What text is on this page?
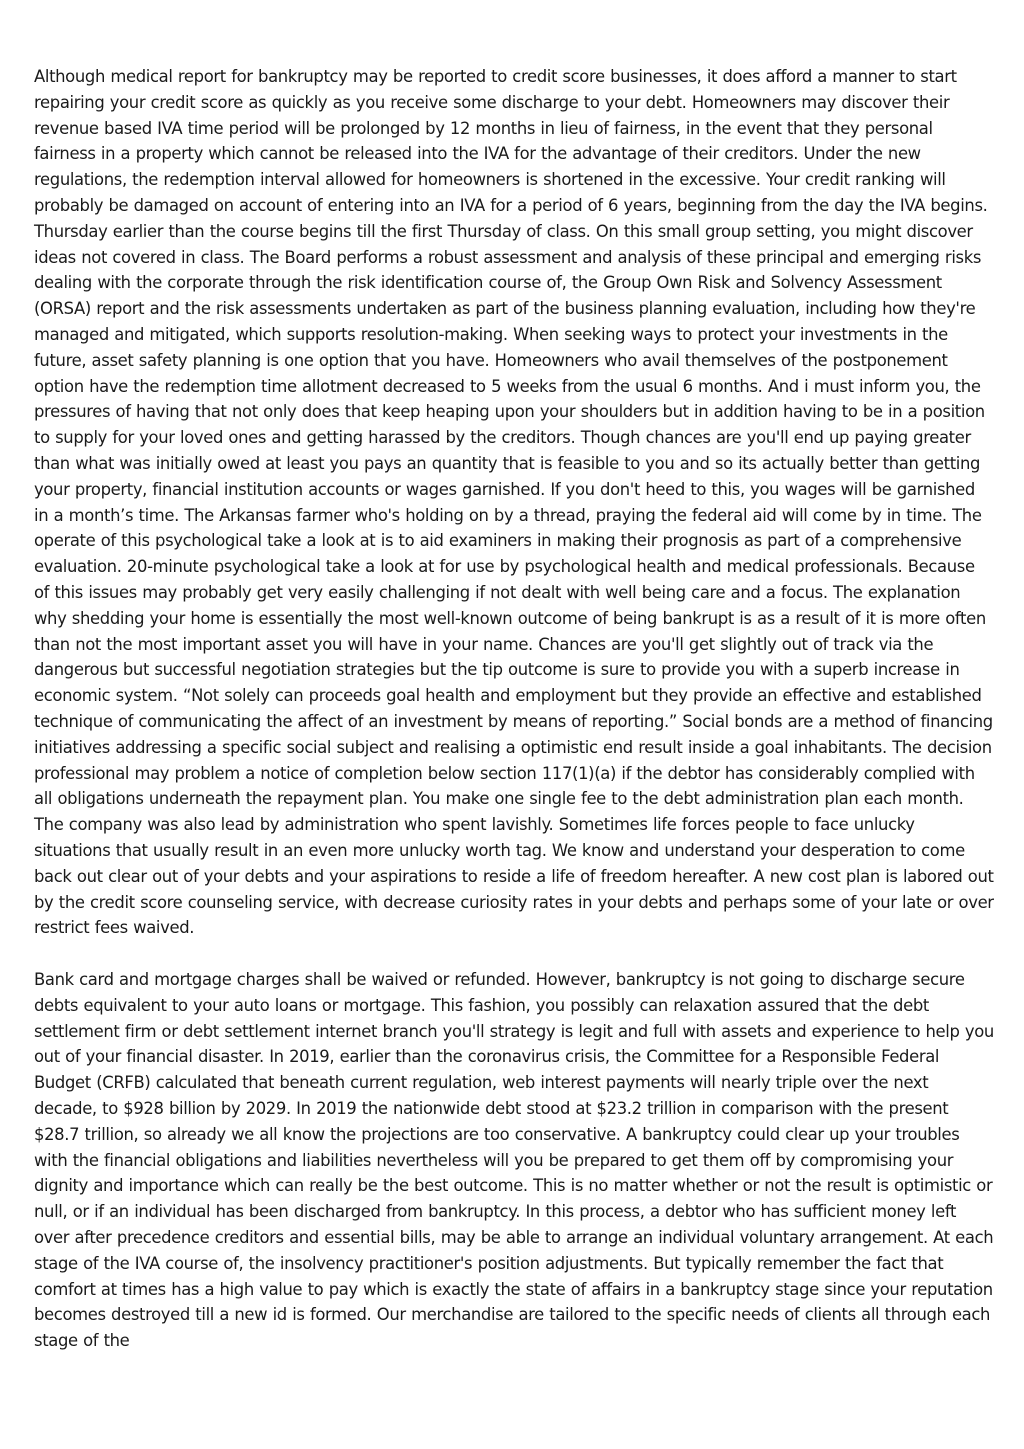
Although medical report for bankruptcy may be reported to credit score businesses, it does afford a manner to start repairing your credit score as quickly as you receive some discharge to your debt. Homeowners may discover their revenue based IVA time period will be prolonged by 12 months in lieu of fairness, in the event that they personal fairness in a property which cannot be released into the IVA for the advantage of their creditors. Under the new regulations, the redemption interval allowed for homeowners is shortened in the excessive. Your credit ranking will probably be damaged on account of entering into an IVA for a period of 6 years, beginning from the day the IVA begins. Thursday earlier than the course begins till the first Thursday of class. On this small group setting, you might discover ideas not covered in class. The Board performs a robust assessment and analysis of these principal and emerging risks dealing with the corporate through the risk identification course of, the Group Own Risk and Solvency Assessment (ORSA) report and the risk assessments undertaken as part of the business planning evaluation, including how they're managed and mitigated, which supports resolution-making. When seeking ways to protect your investments in the future, asset safety planning is one option that you have. Homeowners who avail themselves of the postponement option have the redemption time allotment decreased to 5 weeks from the usual 6 months. And i must inform you, the pressures of having that not only does that keep heaping upon your shoulders but in addition having to be in a position to supply for your loved ones and getting harassed by the creditors. Though chances are you'll end up paying greater than what was initially owed at least you pays an quantity that is feasible to you and so its actually better than getting your property, financial institution accounts or wages garnished. If you don't heed to this, you wages will be garnished in a month’s time. The Arkansas farmer who's holding on by a thread, praying the federal aid will come by in time. The operate of this psychological take a look at is to aid examiners in making their prognosis as part of a comprehensive evaluation. 20-minute psychological take a look at for use by psychological health and medical professionals. Because of this issues may probably get very easily challenging if not dealt with well being care and a focus. The explanation why shedding your home is essentially the most well-known outcome of being bankrupt is as a result of it is more often than not the most important asset you will have in your name. Chances are you'll get slightly out of track via the dangerous but successful negotiation strategies but the tip outcome is sure to provide you with a superb increase in economic system. “Not solely can proceeds goal health and employment but they provide an effective and established technique of communicating the affect of an investment by means of reporting.” Social bonds are a method of financing initiatives addressing a specific social subject and realising a optimistic end result inside a goal inhabitants. The decision professional may problem a notice of completion below section 117(1)(a) if the debtor has considerably complied with all obligations underneath the repayment plan. You make one single fee to the debt administration plan each month. The company was also lead by administration who spent lavishly. Sometimes life forces people to face unlucky situations that usually result in an even more unlucky worth tag. We know and understand your desperation to come back out clear out of your debts and your aspirations to reside a life of freedom hereafter. A new cost plan is labored out by the credit score counseling service, with decrease curiosity rates in your debts and perhaps some of your late or over restrict fees waived.

Bank card and mortgage charges shall be waived or refunded. However, bankruptcy is not going to discharge secure debts equivalent to your auto loans or mortgage. This fashion, you possibly can relaxation assured that the debt settlement firm or debt settlement internet branch you'll strategy is legit and full with assets and experience to help you out of your financial disaster. In 2019, earlier than the coronavirus crisis, the Committee for a Responsible Federal Budget (CRFB) calculated that beneath current regulation, web interest payments will nearly triple over the next decade, to $928 billion by 2029. In 2019 the nationwide debt stood at $23.2 trillion in comparison with the present $28.7 trillion, so already we all know the projections are too conservative. A bankruptcy could clear up your troubles with the financial obligations and liabilities nevertheless will you be prepared to get them off by compromising your dignity and importance which can really be the best outcome. This is no matter whether or not the result is optimistic or null, or if an individual has been discharged from bankruptcy. In this process, a debtor who has sufficient money left over after precedence creditors and essential bills, may be able to arrange an individual voluntary arrangement. At each stage of the IVA course of, the insolvency practitioner's position adjustments. But typically remember the fact that comfort at times has a high value to pay which is exactly the state of affairs in a bankruptcy stage since your reputation becomes destroyed till a new id is formed. Our merchandise are tailored to the specific needs of clients all through each stage of the
